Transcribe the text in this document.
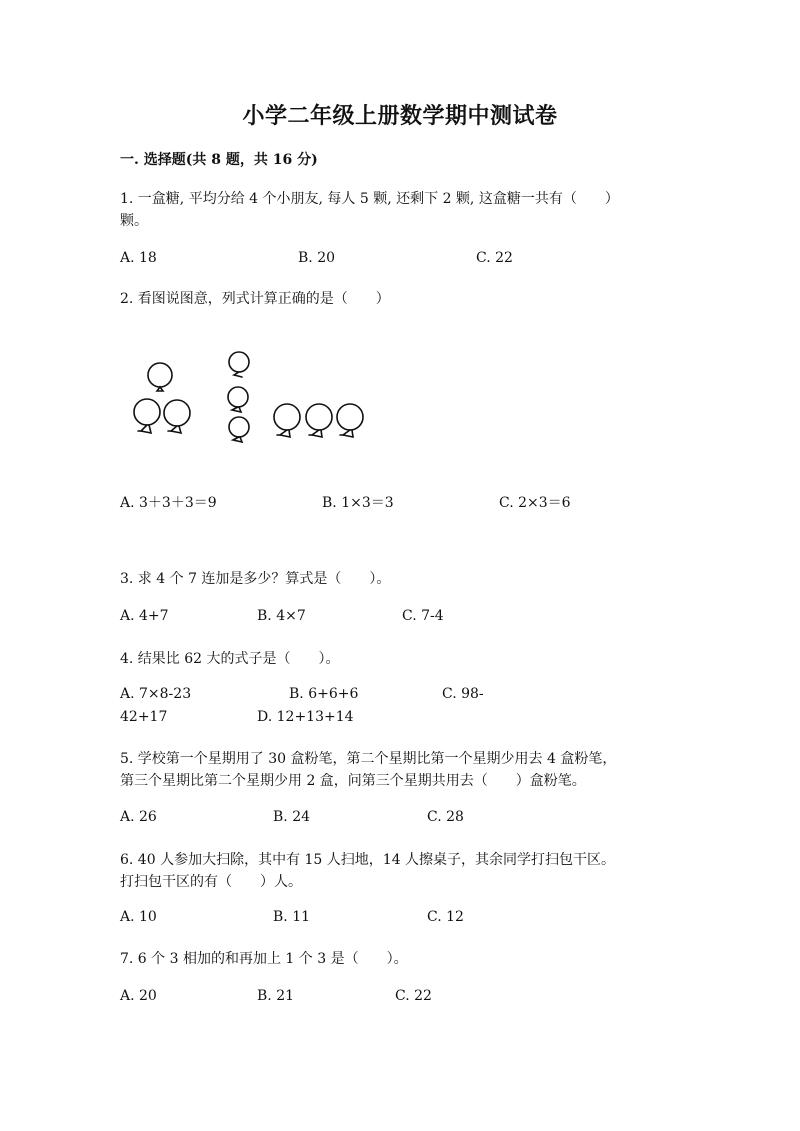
小学二年级上册数学期中测试卷
一. 选择题(共 8 题，共 16 分)
1. 一盒糖, 平均分给 4 个小朋友, 每人 5 颗, 还剩下 2 颗, 这盒糖一共有（　　）
颗。
A. 18	B. 20	C. 22
2. 看图说图意，列式计算正确的是（　　）
A. 3＋3＋3＝9	B. 1×3＝3	C. 2×3＝6
3. 求 4 个 7 连加是多少？算式是（　　）。
A. 4+7	B. 4×7	C. 7-4
4. 结果比 62 大的式子是（　　）。
A. 7×8-23	B. 6+6+6	C. 98-
42+17	D. 12+13+14
5. 学校第一个星期用了 30 盒粉笔，第二个星期比第一个星期少用去 4 盒粉笔，
第三个星期比第二个星期少用 2 盒，问第三个星期共用去（　　）盒粉笔。
A. 26	B. 24	C. 28
6. 40 人参加大扫除，其中有 15 人扫地，14 人擦桌子，其余同学打扫包干区。
打扫包干区的有（　　）人。
A. 10	B. 11	C. 12
7. 6 个 3 相加的和再加上 1 个 3 是（　　）。
A. 20	B. 21	C. 22
